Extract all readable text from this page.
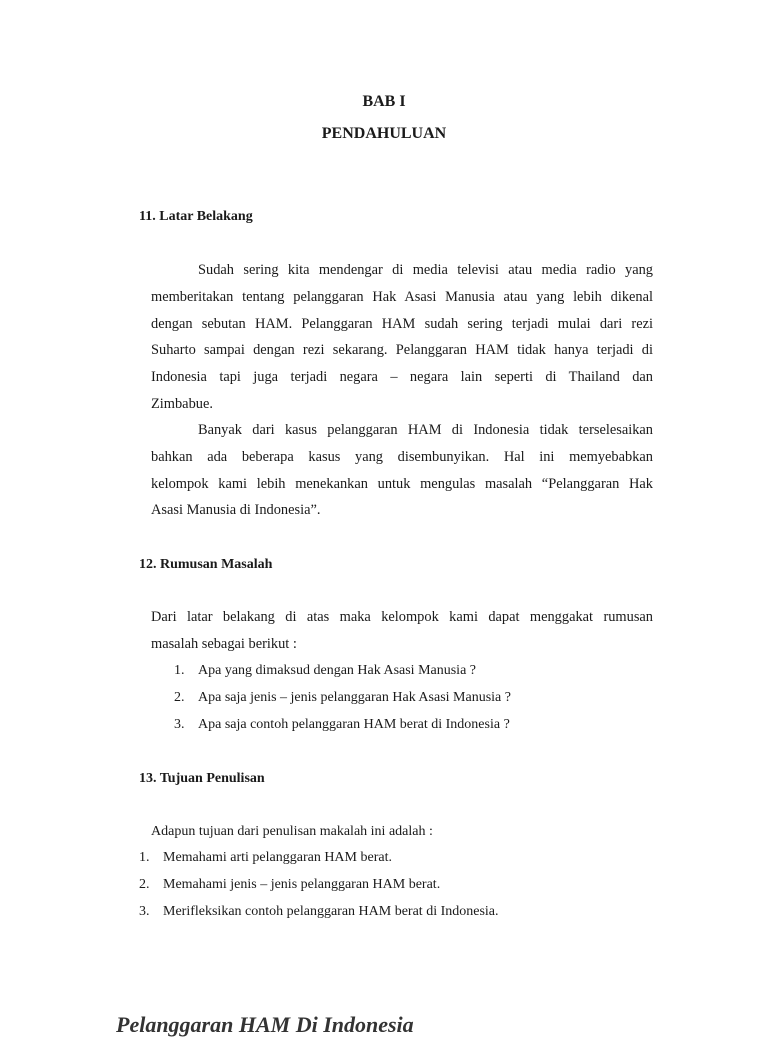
BAB I
PENDAHULUAN
11. Latar Belakang
Sudah sering kita mendengar di media televisi atau media radio yang
memberitakan tentang pelanggaran Hak Asasi Manusia atau yang lebih dikenal
dengan sebutan HAM. Pelanggaran HAM sudah sering terjadi mulai dari rezi
Suharto sampai dengan rezi sekarang. Pelanggaran HAM tidak hanya terjadi di
Indonesia tapi juga terjadi negara – negara lain seperti di Thailand dan
Zimbabue.
Banyak dari kasus pelanggaran HAM di Indonesia tidak terselesaikan
bahkan ada beberapa kasus yang disembunyikan. Hal ini memyebabkan
kelompok kami lebih menekankan untuk mengulas masalah “Pelanggaran Hak
Asasi Manusia di Indonesia”.
12. Rumusan Masalah
Dari latar belakang di atas maka kelompok kami dapat menggakat rumusan
masalah sebagai berikut :
1. Apa yang dimaksud dengan Hak Asasi Manusia ?
2. Apa saja jenis – jenis pelanggaran Hak Asasi Manusia ?
3. Apa saja contoh pelanggaran HAM berat di Indonesia ?
13. Tujuan Penulisan
Adapun tujuan dari penulisan makalah ini adalah :
1. Memahami arti pelanggaran HAM berat.
2. Memahami jenis – jenis pelanggaran HAM berat.
3. Merifleksikan contoh pelanggaran HAM berat di Indonesia.
Pelanggaran HAM Di Indonesia
